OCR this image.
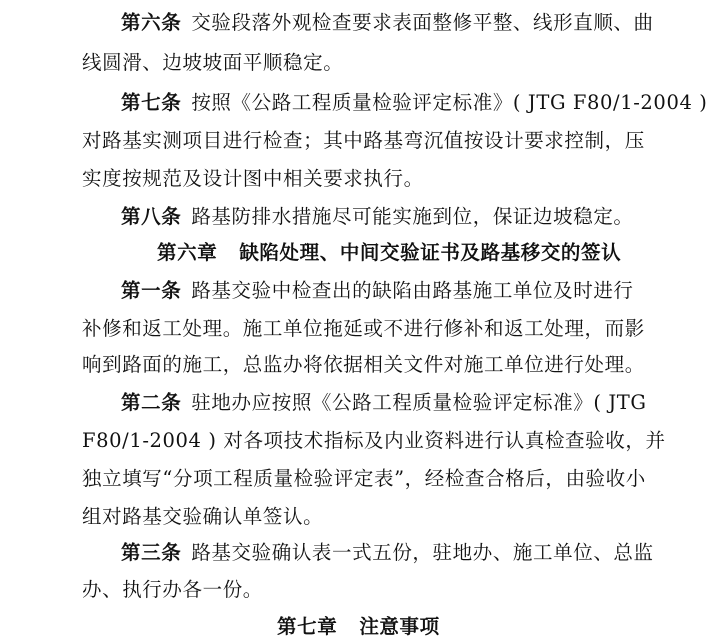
第六条 交验段落外观检查要求表面整修平整、线形直顺、曲
线圆滑、边坡坡面平顺稳定。
第七条 按照《公路工程质量检验评定标准》( JTG F80/1-2004 )
对路基实测项目进行检查；其中路基弯沉值按设计要求控制，压
实度按规范及设计图中相关要求执行。
第八条 路基防排水措施尽可能实施到位，保证边坡稳定。
第六章 缺陷处理、中间交验证书及路基移交的签认
第一条 路基交验中检查出的缺陷由路基施工单位及时进行
补修和返工处理。施工单位拖延或不进行修补和返工处理，而影
响到路面的施工，总监办将依据相关文件对施工单位进行处理。
第二条 驻地办应按照《公路工程质量检验评定标准》( JTG
F80/1-2004 ) 对各项技术指标及内业资料进行认真检查验收，并
独立填写“分项工程质量检验评定表”，经检查合格后，由验收小
组对路基交验确认单签认。
第三条 路基交验确认表一式五份，驻地办、施工单位、总监
办、执行办各一份。
第七章 注意事项
